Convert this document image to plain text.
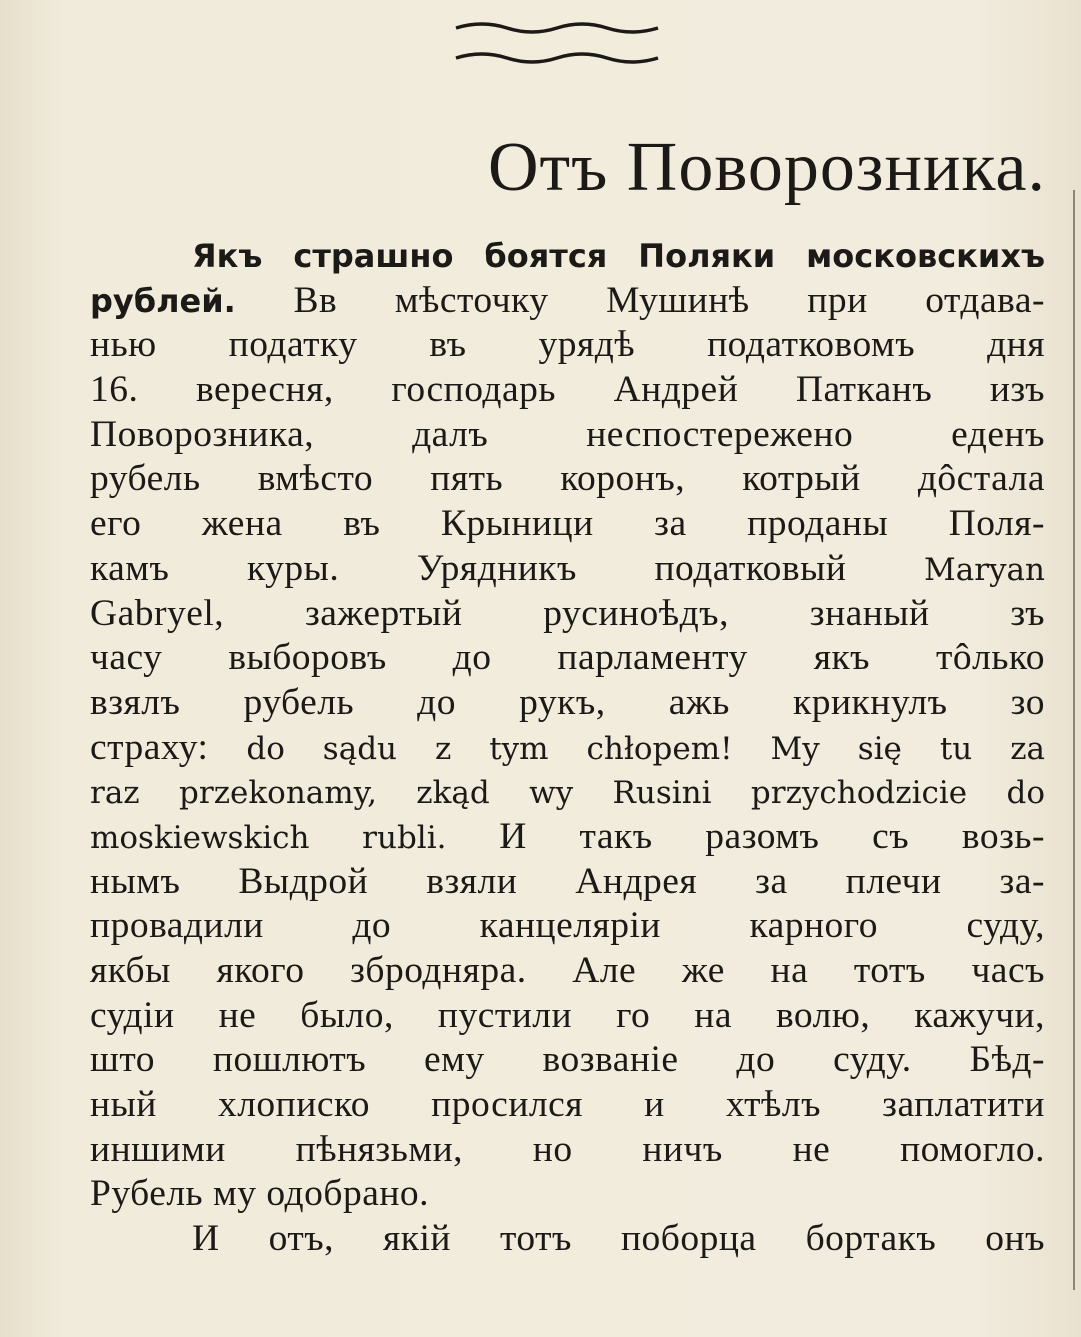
Отъ Поворозника.
Якъ страшно боятся Поляки московскихъ
рублей. Вв мѣсточку Мушинѣ при отдава-
нью податку въ урядѣ податковомъ дня
16. вересня, господарь Андрей Патканъ изъ
Поворозника, далъ неспостережено еденъ
рубель вмѣсто пять коронъ, котрый дôстала
его жена въ Крыници за проданы Поля-
камъ куры. Урядникъ податковый	Maryan
Gabryel, зажертый русиноѣдъ, знаный зъ
часу выборовъ до парламенту якъ тôлько
взялъ рубель до рукъ, ажь крикнулъ зо
страху: do sądu z tym chłopem! My się tu za
raz przekonamy, zkąd wy Rusini przychodzicie do
moskiewskich rubli. И такъ разомъ съ возь-
нымъ Выдрой взяли Андрея за плечи за-
провадили до канцеляріи карного суду,
якбы якого збродняра. Але же на тотъ часъ
судіи не было, пустили го на волю, кажучи,
што пошлютъ ему возваніе до суду. Бѣд-
ный хлописко просился и хтѣлъ заплатити
иншими пѣнязьми, но ничъ не помогло.
Рубель му одобрано.
И отъ, якій тотъ поборца бортакъ онъ
